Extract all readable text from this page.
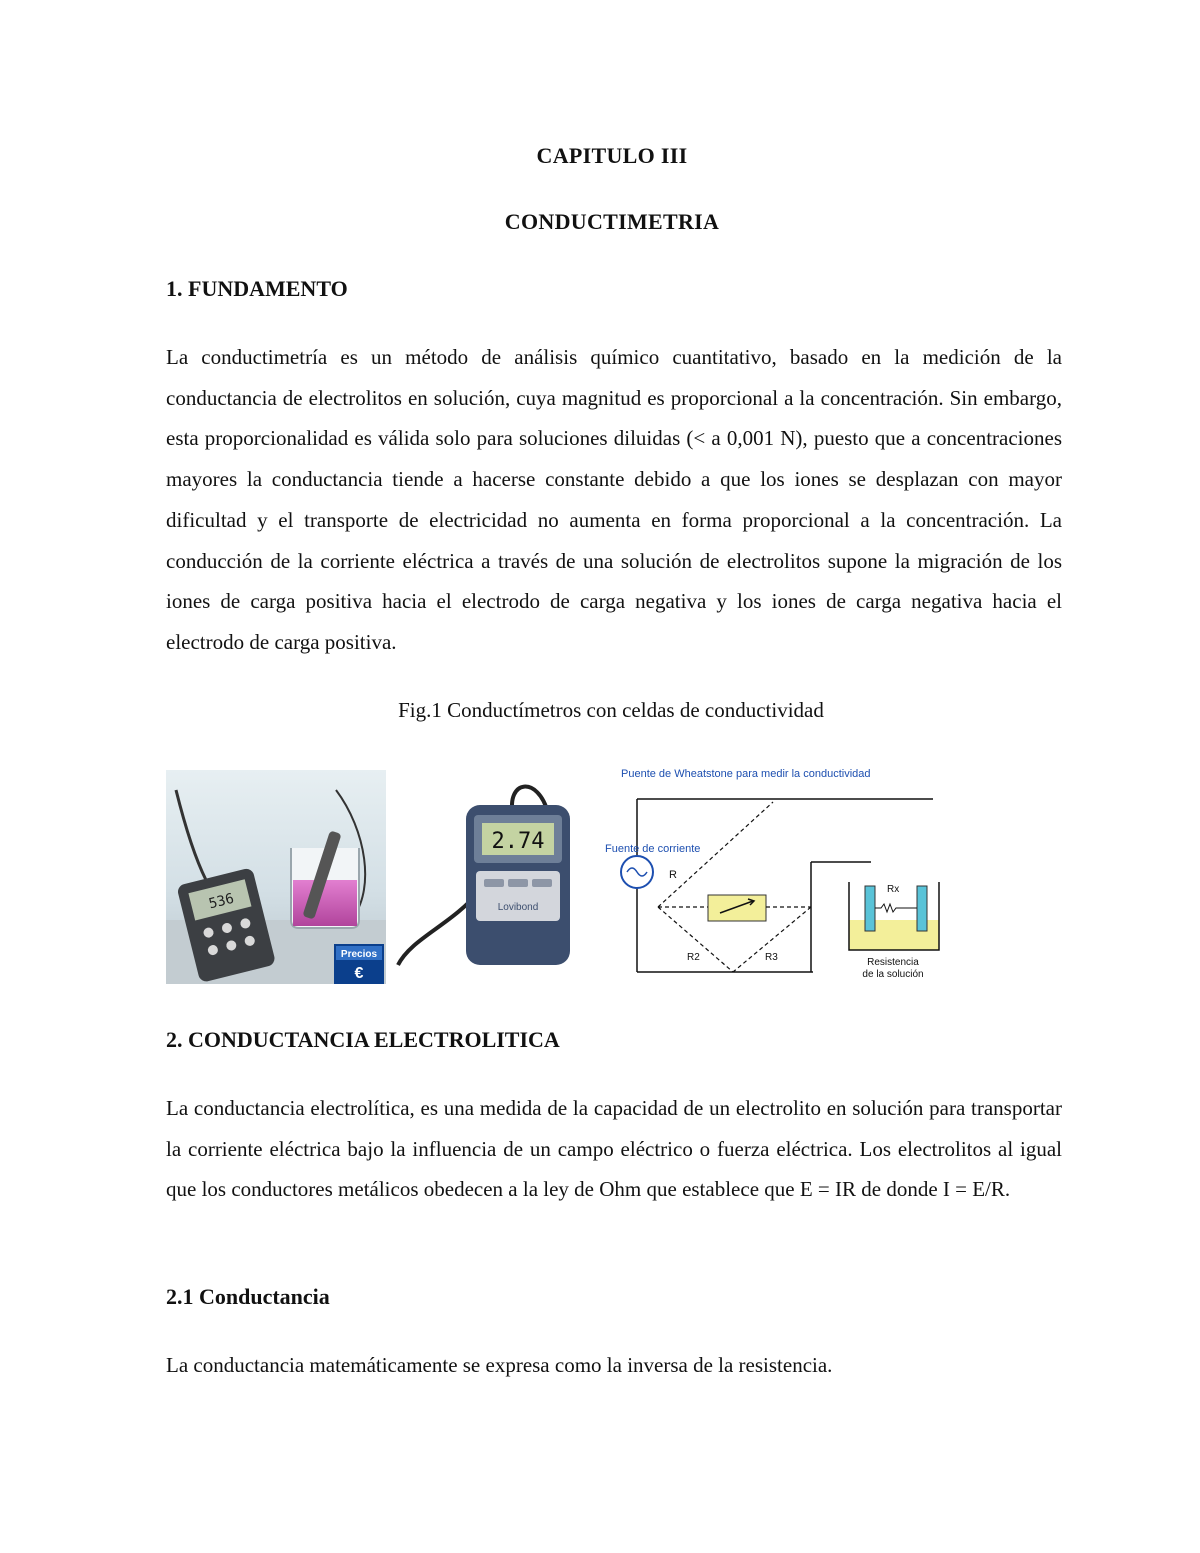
CAPITULO III
CONDUCTIMETRIA
1. FUNDAMENTO
La conductimetría es un método de análisis químico cuantitativo, basado en la medición de la conductancia de electrolitos en solución, cuya magnitud es proporcional a la concentración. Sin embargo, esta proporcionalidad es válida solo para soluciones diluidas (< a 0,001 N), puesto que a concentraciones mayores la conductancia tiende a hacerse constante debido a que los iones se desplazan con mayor dificultad y el transporte de electricidad no aumenta en forma proporcional a la concentración. La conducción de la corriente eléctrica a través de una solución de electrolitos supone la migración de los iones de carga positiva hacia el electrodo de carga negativa y los iones de carga negativa hacia el electrodo de carga positiva.
Fig.1 Conductímetros con celdas de conductividad
536
Precios
€
2.74
Lovibond
Puente de Wheatstone para medir la conductividad
Fuente de corriente
R
R2	R3
Rx
Resistencia
de la solución
2. CONDUCTANCIA ELECTROLITICA
La conductancia electrolítica, es una medida de la capacidad de un electrolito en solución para transportar la corriente eléctrica bajo la influencia de un campo eléctrico o fuerza eléctrica. Los electrolitos al igual que los conductores metálicos obedecen a la ley de Ohm que establece que E = IR de donde I = E/R.
2.1 Conductancia
La conductancia matemáticamente se expresa como la inversa de la resistencia.
